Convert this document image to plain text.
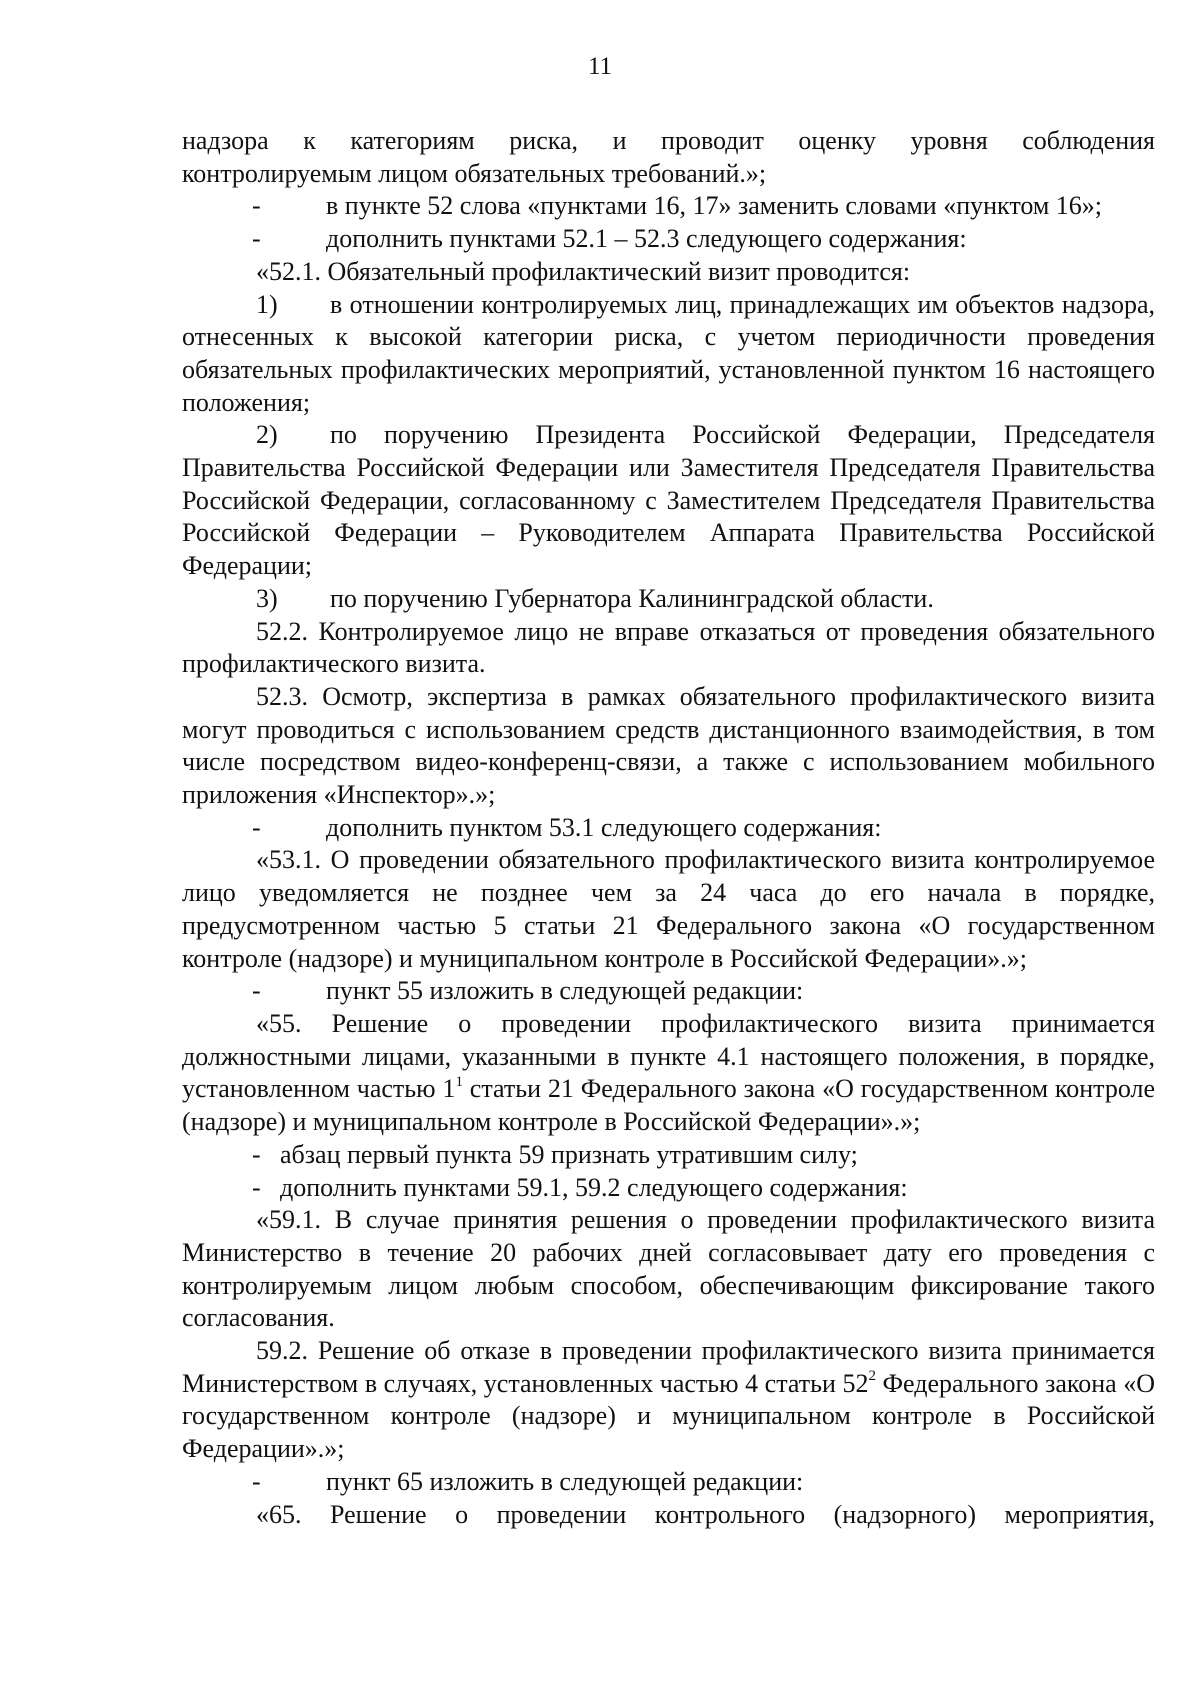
11

надзора к категориям риска, и проводит оценку уровня соблюдения

контролируемым лицом обязательных требований.»;

-	в пункте 52 слова «пунктами 16, 17» заменить словами «пунктом 16»;
-	дополнить пунктами 52.1 – 52.3 следующего содержания:

«52.1. Обязательный профилактический визит проводится:

1) в отношении контролируемых лиц, принадлежащих им объектов надзора, отнесенных к высокой категории риска, с учетом периодичности проведения обязательных профилактических мероприятий, установленной пунктом 16 настоящего положения;

2) по поручению Президента Российской Федерации, Председателя Правительства Российской Федерации или Заместителя Председателя Правительства Российской Федерации, согласованному с Заместителем Председателя Правительства Российской Федерации – Руководителем Аппарата Правительства Российской Федерации;

3) по поручению Губернатора Калининградской области.

52.2. Контролируемое лицо не вправе отказаться от проведения обязательного профилактического визита.

52.3. Осмотр, экспертиза в рамках обязательного профилактического визита могут проводиться с использованием средств дистанционного взаимодействия, в том числе посредством видео-конференц-связи, а также с использованием мобильного приложения «Инспектор».»;

-	дополнить пунктом 53.1 следующего содержания:

«53.1. О проведении обязательного профилактического визита контролируемое лицо уведомляется не позднее чем за 24 часа до его начала в порядке, предусмотренном частью 5 статьи 21 Федерального закона «О государственном контроле (надзоре) и муниципальном контроле в Российской Федерации».»;

-	пункт 55 изложить в следующей редакции:

«55. Решение о проведении профилактического визита принимается должностными лицами, указанными в пункте 4.1 настоящего положения, в порядке, установленном частью $1^1$ статьи 21 Федерального закона «О государственном контроле (надзоре) и муниципальном контроле в Российской Федерации».»;

- абзац первый пункта 59 признать утратившим силу;
- дополнить пунктами 59.1, 59.2 следующего содержания:

«59.1. В случае принятия решения о проведении профилактического визита Министерство в течение 20 рабочих дней согласовывает дату его проведения с контролируемым лицом любым способом, обеспечивающим фиксирование такого согласования.

59.2. Решение об отказе в проведении профилактического визита принимается Министерством в случаях, установленных частью 4 статьи $52^2$ Федерального закона «О государственном контроле (надзоре) и муниципальном контроле в Российской Федерации».»;

-	пункт 65 изложить в следующей редакции:

«65. Решение о проведении контрольного (надзорного) мероприятия,
